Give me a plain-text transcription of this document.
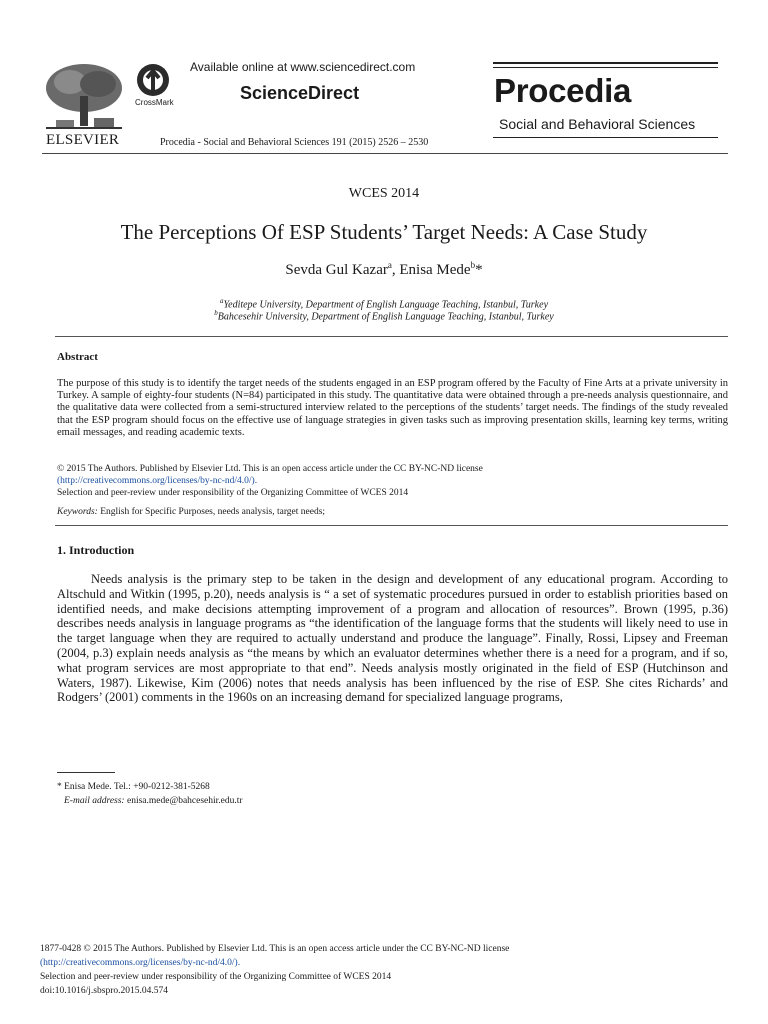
ELSEVIER
CrossMark
Available online at www.sciencedirect.com
ScienceDirect
Procedia - Social and Behavioral Sciences 191 (2015) 2526 – 2530
Procedia
Social and Behavioral Sciences
WCES 2014
The Perceptions Of ESP Students’ Target Needs: A Case Study
Sevda Gul Kazar$^a$, Enisa Mede$^b$*
$^a$Yeditepe University, Department of English Language Teaching, Istanbul, Turkey
$^b$Bahcesehir University, Department of English Language Teaching, Istanbul, Turkey
Abstract
The purpose of this study is to identify the target needs of the students engaged in an ESP program offered by the Faculty of Fine Arts at a private university in Turkey. A sample of eighty-four students (N=84) participated in this study. The quantitative data were obtained through a pre-needs analysis questionnaire, and the qualitative data were collected from a semi-structured interview related to the perceptions of the students’ target needs. The findings of the study revealed that the ESP program should focus on the effective use of language strategies in given tasks such as improving presentation skills, learning key terms, writing email messages, and reading academic texts.
© 2015 The Authors. Published by Elsevier Ltd. This is an open access article under the CC BY-NC-ND license
(http://creativecommons.org/licenses/by-nc-nd/4.0/).
Selection and peer-review under responsibility of the Organizing Committee of WCES 2014
Keywords: English for Specific Purposes, needs analysis, target needs;
1. Introduction
Needs analysis is the primary step to be taken in the design and development of any educational program. According to Altschuld and Witkin (1995, p.20), needs analysis is “ a set of systematic procedures pursued in order to establish priorities based on identified needs, and make decisions attempting improvement of a program and allocation of resources”. Brown (1995, p.36) describes needs analysis in language programs as “the identification of the language forms that the students will likely need to use in the target language when they are required to actually understand and produce the language”. Finally, Rossi, Lipsey and Freeman (2004, p.3) explain needs analysis as “the means by which an evaluator determines whether there is a need for a program, and if so, what program services are most appropriate to that end”. Needs analysis mostly originated in the field of ESP (Hutchinson and Waters, 1987). Likewise, Kim (2006) notes that needs analysis has been influenced by the rise of ESP. She cites Richards’ and Rodgers’ (2001) comments in the 1960s on an increasing demand for specialized language programs,
* Enisa Mede. Tel.: +90-0212-381-5268
E-mail address: enisa.mede@bahcesehir.edu.tr
1877-0428 © 2015 The Authors. Published by Elsevier Ltd. This is an open access article under the CC BY-NC-ND license
(http://creativecommons.org/licenses/by-nc-nd/4.0/).
Selection and peer-review under responsibility of the Organizing Committee of WCES 2014
doi:10.1016/j.sbspro.2015.04.574
